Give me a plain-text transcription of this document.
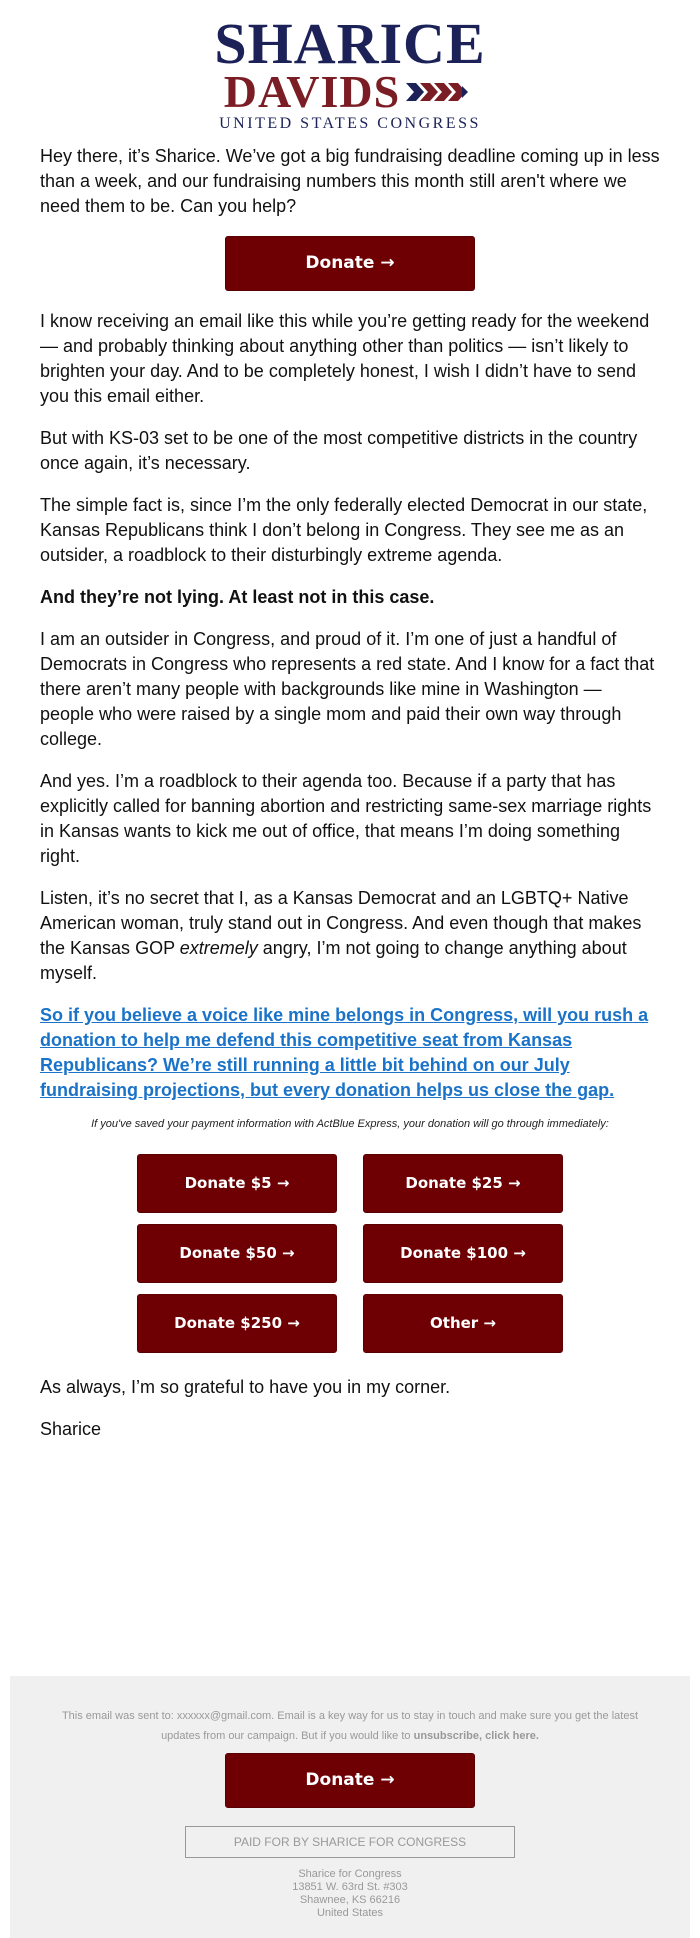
SHARICE
DAVIDS
UNITED STATES CONGRESS

Hey there, it’s Sharice. We’ve got a big fundraising deadline coming up in less than a week, and our fundraising numbers this month still aren't where we need them to be. Can you help?

Donate →

I know receiving an email like this while you’re getting ready for the weekend — and probably thinking about anything other than politics — isn’t likely to brighten your day. And to be completely honest, I wish I didn’t have to send you this email either.

But with KS-03 set to be one of the most competitive districts in the country once again, it’s necessary.

The simple fact is, since I’m the only federally elected Democrat in our state, Kansas Republicans think I don’t belong in Congress. They see me as an outsider, a roadblock to their disturbingly extreme agenda.

And they’re not lying. At least not in this case.

I am an outsider in Congress, and proud of it. I’m one of just a handful of Democrats in Congress who represents a red state. And I know for a fact that there aren’t many people with backgrounds like mine in Washington — people who were raised by a single mom and paid their own way through college.

And yes. I’m a roadblock to their agenda too. Because if a party that has explicitly called for banning abortion and restricting same-sex marriage rights in Kansas wants to kick me out of office, that means I’m doing something right.

Listen, it’s no secret that I, as a Kansas Democrat and an LGBTQ+ Native American woman, truly stand out in Congress. And even though that makes the Kansas GOP extremely angry, I’m not going to change anything about myself.

So if you believe a voice like mine belongs in Congress, will you rush a donation to help me defend this competitive seat from Kansas Republicans? We’re still running a little bit behind on our July fundraising projections, but every donation helps us close the gap.

If you've saved your payment information with ActBlue Express, your donation will go through immediately:
Donate $5 →	Donate $25 →
Donate $50 →	Donate $100 →
Donate $250 →	Other →

As always, I’m so grateful to have you in my corner.

Sharice

This email was sent to: xxxxxx@gmail.com. Email is a key way for us to stay in touch and make sure you get the latest updates from our campaign. But if you would like to unsubscribe, click here.
Donate →
PAID FOR BY SHARICE FOR CONGRESS
Sharice for Congress
13851 W. 63rd St. #303
Shawnee, KS 66216
United States
